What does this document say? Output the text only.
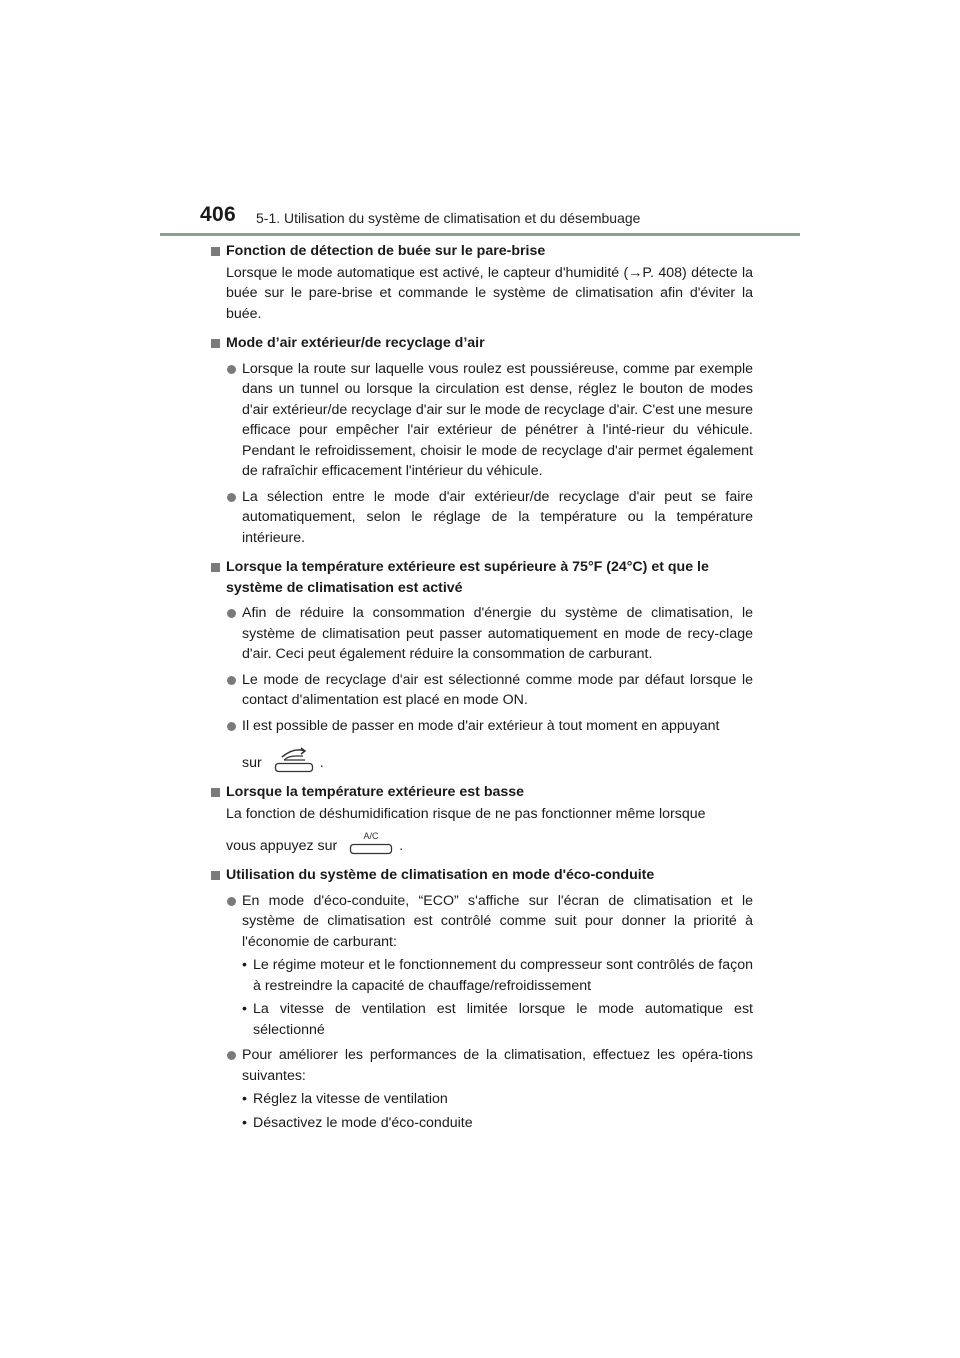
406 5-1. Utilisation du système de climatisation et du désembuage
Fonction de détection de buée sur le pare-brise
Lorsque le mode automatique est activé, le capteur d'humidité (→P. 408) détecte la buée sur le pare-brise et commande le système de climatisation afin d'éviter la buée.
Mode d’air extérieur/de recyclage d’air
Lorsque la route sur laquelle vous roulez est poussiéreuse, comme par exemple dans un tunnel ou lorsque la circulation est dense, réglez le bouton de modes d'air extérieur/de recyclage d'air sur le mode de recyclage d'air. C'est une mesure efficace pour empêcher l'air extérieur de pénétrer à l'inté-rieur du véhicule. Pendant le refroidissement, choisir le mode de recyclage d'air permet également de rafraîchir efficacement l'intérieur du véhicule.
La sélection entre le mode d'air extérieur/de recyclage d'air peut se faire automatiquement, selon le réglage de la température ou la température intérieure.
Lorsque la température extérieure est supérieure à 75°F (24°C) et que le système de climatisation est activé
Afin de réduire la consommation d'énergie du système de climatisation, le système de climatisation peut passer automatiquement en mode de recy-clage d'air. Ceci peut également réduire la consommation de carburant.
Le mode de recyclage d'air est sélectionné comme mode par défaut lorsque le contact d'alimentation est placé en mode ON.
Il est possible de passer en mode d'air extérieur à tout moment en appuyant
sur	.
Lorsque la température extérieure est basse
La fonction de déshumidification risque de ne pas fonctionner même lorsque
vous appuyez sur
A/C
.
Utilisation du système de climatisation en mode d'éco-conduite
En mode d'éco-conduite, “ECO” s'affiche sur l'écran de climatisation et le système de climatisation est contrôlé comme suit pour donner la priorité à l'économie de carburant:
• Le régime moteur et le fonctionnement du compresseur sont contrôlés de façon à restreindre la capacité de chauffage/refroidissement
• La vitesse de ventilation est limitée lorsque le mode automatique est sélectionné
Pour améliorer les performances de la climatisation, effectuez les opéra-tions suivantes:
• Réglez la vitesse de ventilation
• Désactivez le mode d'éco-conduite
